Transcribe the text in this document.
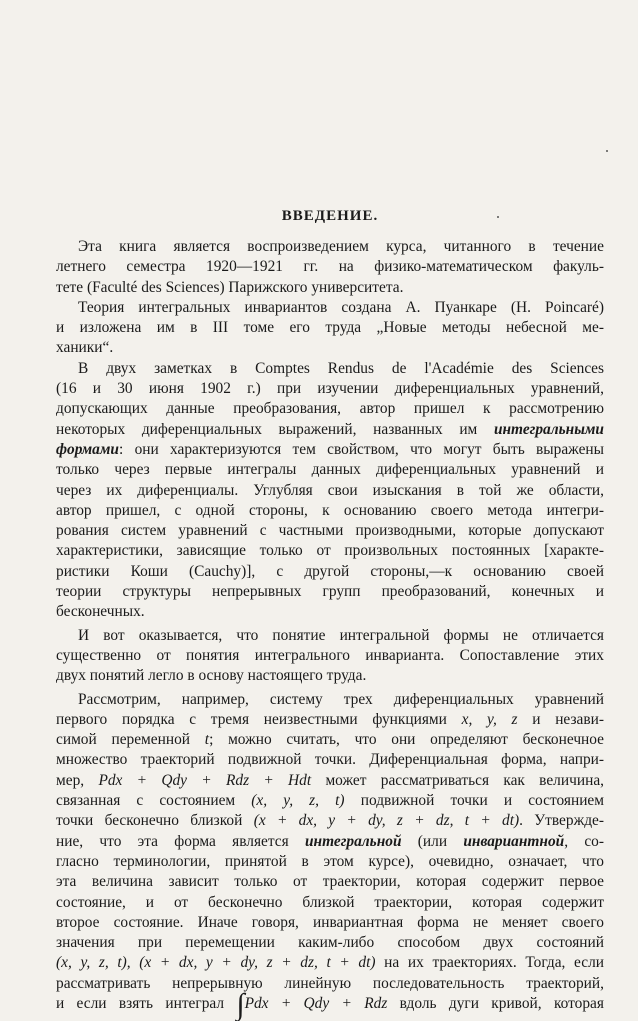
ВВЕДЕНИЕ.
Эта книга является воспроизведением курса, читанного в течение
летнего семестра 1920—1921 гг. на физико-математическом факуль-
тете (Faculté des Sciences) Парижского университета.
Теория интегральных инвариантов создана А. Пуанкаре (H. Poincaré)
и изложена им в III томе его труда „Новые методы небесной ме-
ханики“.
В двух заметках в Comptes Rendus de l'Académie des Sciences
(16 и 30 июня 1902 г.) при изучении диференциальных уравнений,
допускающих данные преобразования, автор пришел к рассмотрению
некоторых диференциальных выражений, названных им интегральными
формами: они характеризуются тем свойством, что могут быть выражены
только через первые интегралы данных диференциальных уравнений и
через их диференциалы. Углубляя свои изыскания в той же области,
автор пришел, с одной стороны, к основанию своего метода интегри-
рования систем уравнений с частными производными, которые допускают
характеристики, зависящие только от произвольных постоянных [характе-
ристики Коши (Cauchy)], с другой стороны,—к основанию своей
теории структуры непрерывных групп преобразований, конечных и
бесконечных.
И вот оказывается, что понятие интегральной формы не отличается
существенно от понятия интегрального инварианта. Сопоставление этих
двух понятий легло в основу настоящего труда.
Рассмотрим, например, систему трех диференциальных уравнений
первого порядка с тремя неизвестными функциями x, y, z и незави-
симой переменной t; можно считать, что они определяют бесконечное
множество траекторий подвижной точки. Диференциальная форма, напри-
мер, Pdx + Qdy + Rdz + Hdt может рассматриваться как величина,
связанная с состоянием (x, y, z, t) подвижной точки и состоянием
точки бесконечно близкой (x + dx, y + dy, z + dz, t + dt). Утвержде-
ние, что эта форма является интегральной (или инвариантной, со-
гласно терминологии, принятой в этом курсе), очевидно, означает, что
эта величина зависит только от траектории, которая содержит первое
состояние, и от бесконечно близкой траектории, которая содержит
второе состояние. Иначе говоря, инвариантная форма не меняет своего
значения при перемещении каким-либо способом двух состояний
(x, y, z, t), (x + dx, y + dy, z + dz, t + dt) на их траекториях. Тогда, если
рассматривать непрерывную линейную последовательность траекторий,
и если взять интеграл ∫Pdx + Qdy + Rdz вдоль дуги кривой, которая
